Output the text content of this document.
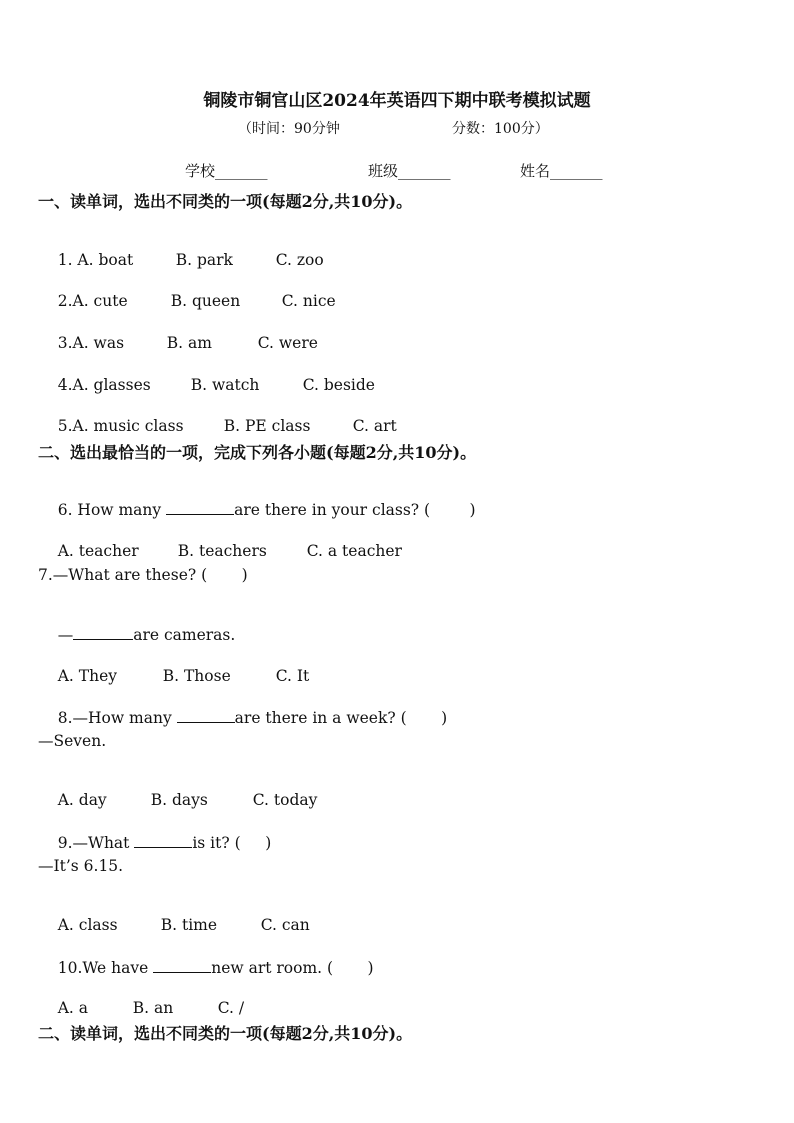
铜陵市铜官山区2024年英语四下期中联考模拟试题
（时间：90分钟	分数：100分）
学校_______	班级_______	姓名_______
一、读单词，选出不同类的一项(每题2分,共10分)。

1. A. boat	B. park	C. zoo

2.A. cute	B. queen	C. nice

3.A. was	B. am	C. were

4.A. glasses	B. watch	C. beside

5.A. music class	B. PE class	C. art

二、选出最恰当的一项，完成下列各小题(每题2分,共10分)。

6. How many	are there in your class? (        )

A. teacher	B. teachers	C. a teacher

7.—What are these? (       )

—	are cameras.

A. They	B. Those	C. It

8.—How many	are there in a week? (       )

—Seven.

A. day	B. days	C. today

9.—What	is it? (     )

—It’s 6.15.

A. class	B. time	C. can

10.We have	new art room. (       )

A. a	B. an	C. /

二、读单词，选出不同类的一项(每题2分,共10分)。
